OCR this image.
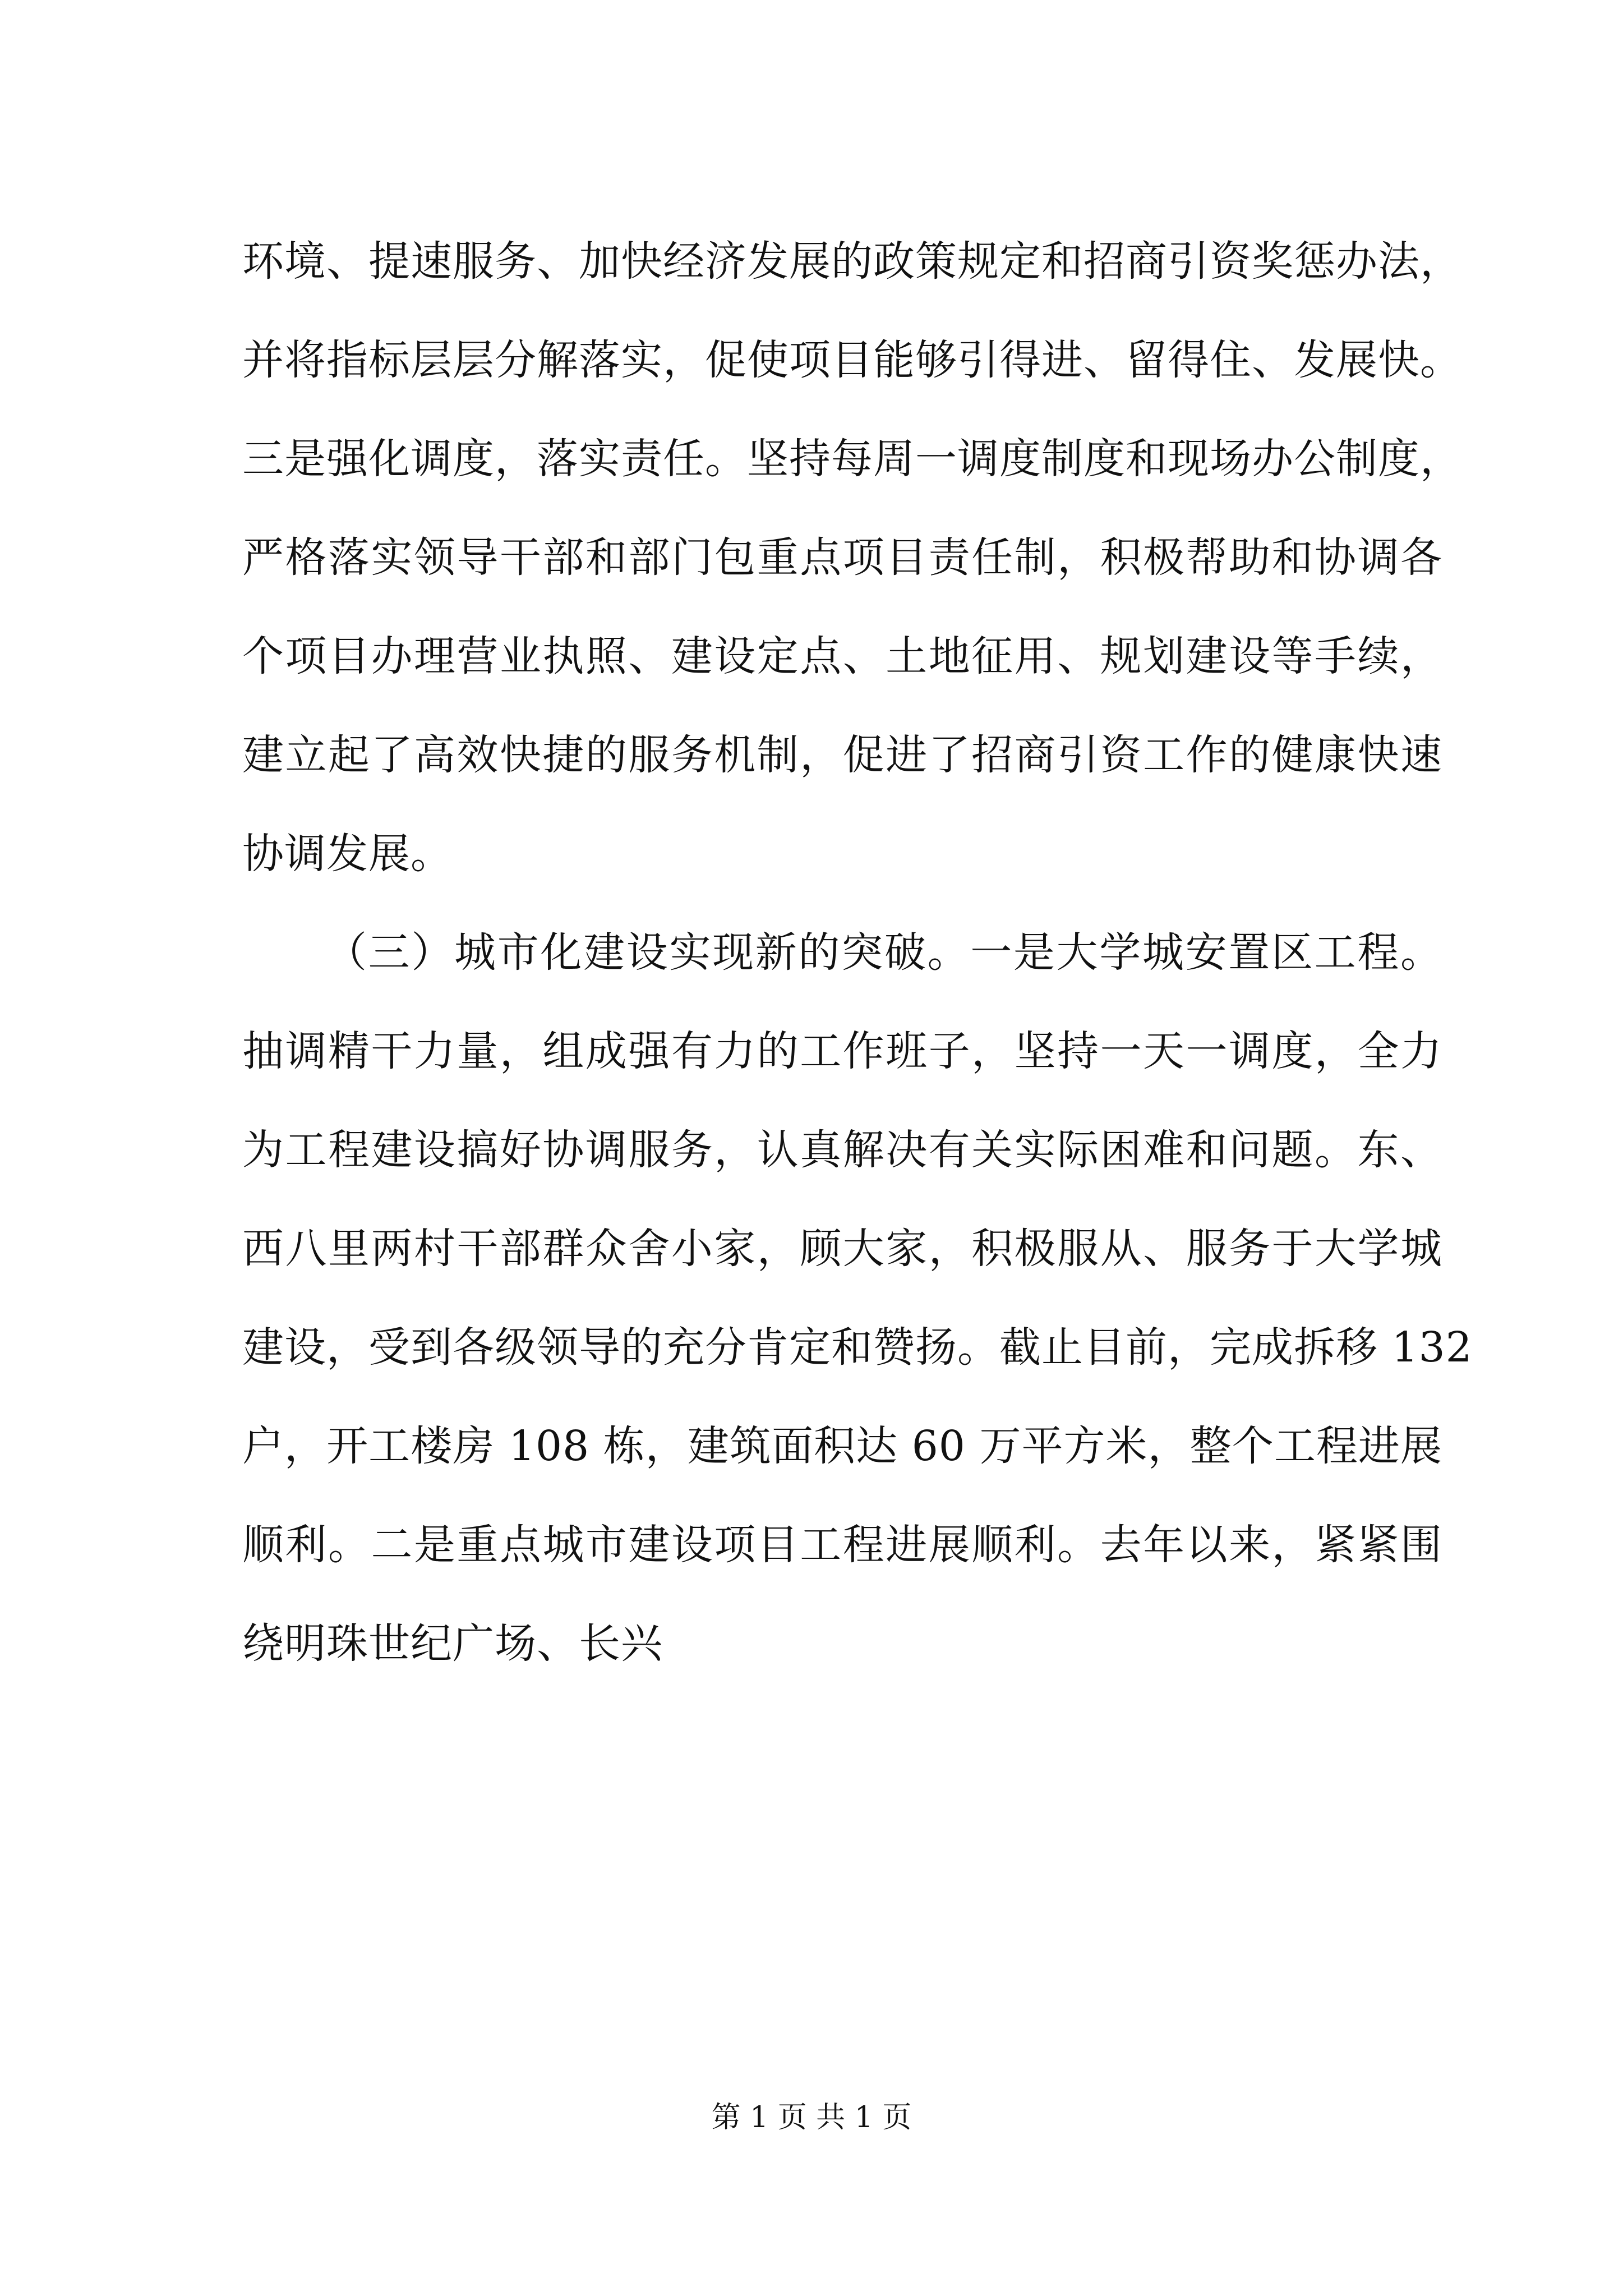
环境、提速服务、加快经济发展的政策规定和招商引资奖惩办法，
并将指标层层分解落实，促使项目能够引得进、留得住、发展快。
三是强化调度，落实责任。坚持每周一调度制度和现场办公制度，
严格落实领导干部和部门包重点项目责任制，积极帮助和协调各
个项目办理营业执照、建设定点、土地征用、规划建设等手续，
建立起了高效快捷的服务机制，促进了招商引资工作的健康快速
协调发展。
（三）城市化建设实现新的突破。一是大学城安置区工程。
抽调精干力量，组成强有力的工作班子，坚持一天一调度，全力
为工程建设搞好协调服务，认真解决有关实际困难和问题。东、
西八里两村干部群众舍小家，顾大家，积极服从、服务于大学城
建设，受到各级领导的充分肯定和赞扬。截止目前，完成拆移 132
户，开工楼房 108 栋，建筑面积达 60 万平方米，整个工程进展
顺利。二是重点城市建设项目工程进展顺利。去年以来，紧紧围
绕明珠世纪广场、长兴
第 1 页 共 1 页
